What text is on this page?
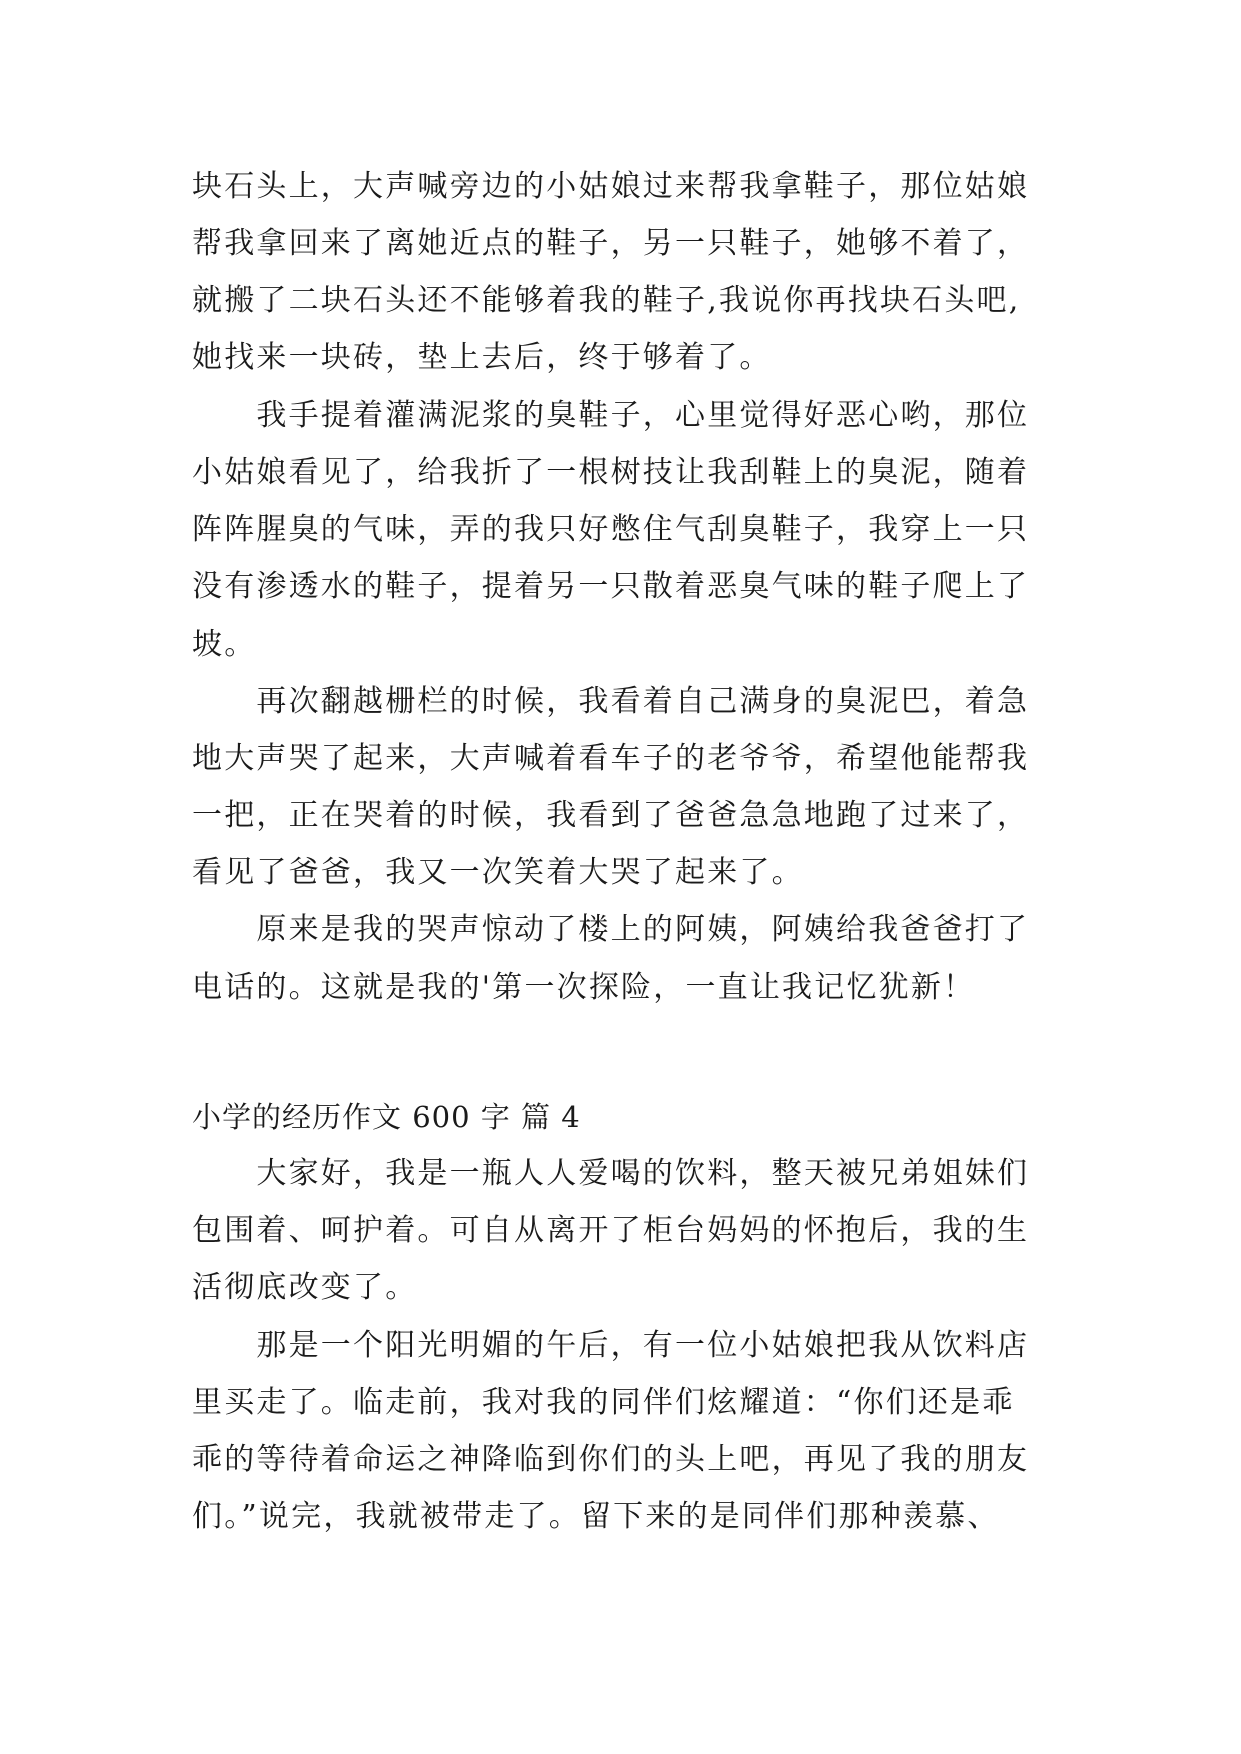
块石头上，大声喊旁边的小姑娘过来帮我拿鞋子，那位姑娘
帮我拿回来了离她近点的鞋子，另一只鞋子，她够不着了，
就搬了二块石头还不能够着我的鞋子,我说你再找块石头吧,
她找来一块砖，垫上去后，终于够着了。
　　我手提着灌满泥浆的臭鞋子，心里觉得好恶心哟，那位
小姑娘看见了，给我折了一根树技让我刮鞋上的臭泥，随着
阵阵腥臭的气味，弄的我只好憋住气刮臭鞋子，我穿上一只
没有渗透水的鞋子，提着另一只散着恶臭气味的鞋子爬上了
坡。
　　再次翻越栅栏的时候，我看着自己满身的臭泥巴，着急
地大声哭了起来，大声喊着看车子的老爷爷，希望他能帮我
一把，正在哭着的时候，我看到了爸爸急急地跑了过来了，
看见了爸爸，我又一次笑着大哭了起来了。
　　原来是我的哭声惊动了楼上的阿姨，阿姨给我爸爸打了
电话的。这就是我的'第一次探险，一直让我记忆犹新！
小学的经历作文 600 字 篇 4
　　大家好，我是一瓶人人爱喝的饮料，整天被兄弟姐妹们
包围着、呵护着。可自从离开了柜台妈妈的怀抱后，我的生
活彻底改变了。
　　那是一个阳光明媚的午后，有一位小姑娘把我从饮料店
里买走了。临走前，我对我的同伴们炫耀道：“你们还是乖
乖的等待着命运之神降临到你们的头上吧，再见了我的朋友
们。”说完，我就被带走了。留下来的是同伴们那种羡慕、
